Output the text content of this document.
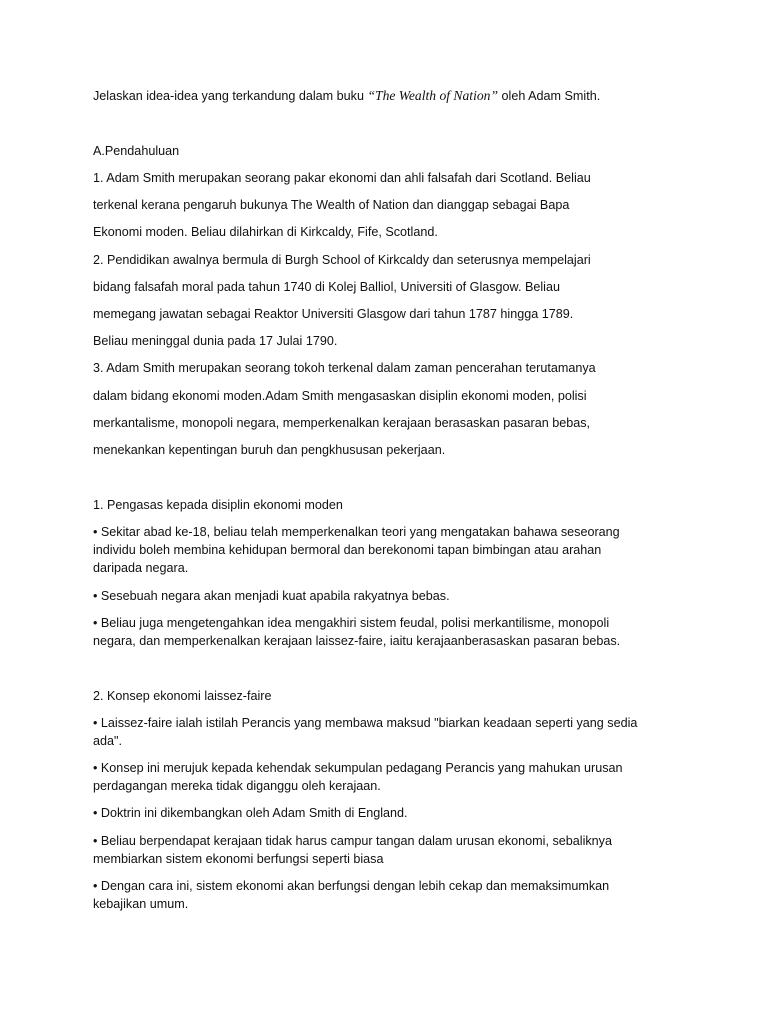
Jelaskan idea-idea yang terkandung dalam buku “The Wealth of Nation” oleh Adam Smith.
A.Pendahuluan
1. Adam Smith merupakan seorang pakar ekonomi dan ahli falsafah dari Scotland. Beliau
terkenal kerana pengaruh bukunya The Wealth of Nation dan dianggap sebagai Bapa
Ekonomi moden. Beliau dilahirkan di Kirkcaldy, Fife, Scotland.
2. Pendidikan awalnya bermula di Burgh School of Kirkcaldy dan seterusnya mempelajari
bidang falsafah moral pada tahun 1740 di Kolej Balliol, Universiti of Glasgow. Beliau
memegang jawatan sebagai Reaktor Universiti Glasgow dari tahun 1787 hingga 1789.
Beliau meninggal dunia pada 17 Julai 1790.
3. Adam Smith merupakan seorang tokoh terkenal dalam zaman pencerahan terutamanya
dalam bidang ekonomi moden.Adam Smith mengasaskan disiplin ekonomi moden, polisi
merkantalisme, monopoli negara, memperkenalkan kerajaan berasaskan pasaran bebas,
menekankan kepentingan buruh dan pengkhususan pekerjaan.
1. Pengasas kepada disiplin ekonomi moden
• Sekitar abad ke-18, beliau telah memperkenalkan teori yang mengatakan bahawa seseorang
individu boleh membina kehidupan bermoral dan berekonomi tapan bimbingan atau arahan
daripada negara.
• Sesebuah negara akan menjadi kuat apabila rakyatnya bebas.
• Beliau juga mengetengahkan idea mengakhiri sistem feudal, polisi merkantilisme, monopoli
negara, dan memperkenalkan kerajaan laissez-faire, iaitu kerajaanberasaskan pasaran bebas.
2. Konsep ekonomi laissez-faire
• Laissez-faire ialah istilah Perancis yang membawa maksud "biarkan keadaan seperti yang sedia
ada".
• Konsep ini merujuk kepada kehendak sekumpulan pedagang Perancis yang mahukan urusan
perdagangan mereka tidak diganggu oleh kerajaan.
• Doktrin ini dikembangkan oleh Adam Smith di England.
• Beliau berpendapat kerajaan tidak harus campur tangan dalam urusan ekonomi, sebaliknya
membiarkan sistem ekonomi berfungsi seperti biasa
• Dengan cara ini, sistem ekonomi akan berfungsi dengan lebih cekap dan memaksimumkan
kebajikan umum.
